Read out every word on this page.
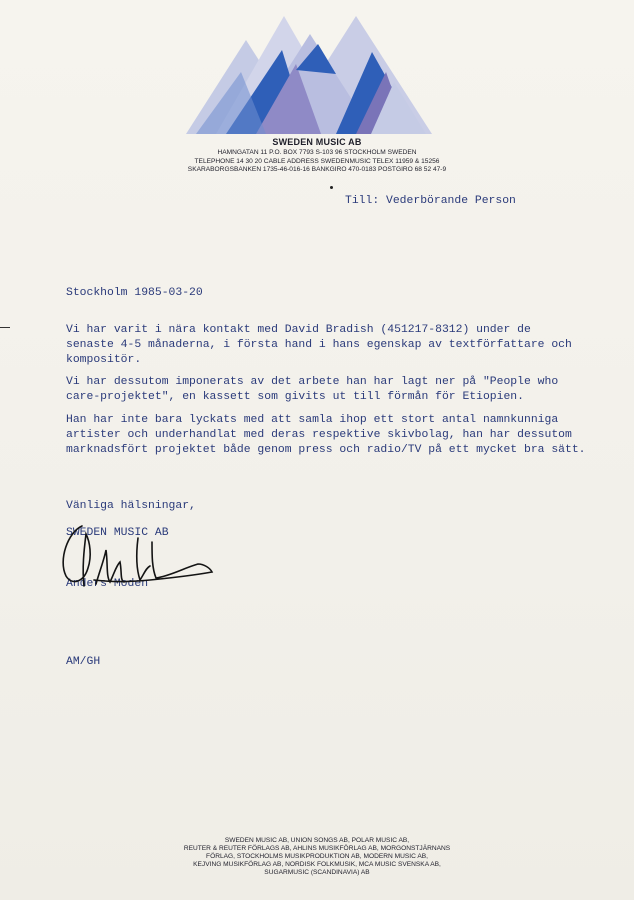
SWEDEN MUSIC AB
HAMNGATAN 11 P.O. BOX 7793 S-103 96 STOCKHOLM SWEDEN
TELEPHONE 14 30 20 CABLE ADDRESS SWEDENMUSIC TELEX 11959 & 15256
SKARABORGSBANKEN 1735-46-016-16 BANKGIRO 470-0183 POSTGIRO 68 52 47-9
Till: Vederbörande Person
Stockholm 1985-03-20
Vi har varit i nära kontakt med David Bradish (451217-8312) under de
senaste 4-5 månaderna, i första hand i hans egenskap av textförfattare och
kompositör.
Vi har dessutom imponerats av det arbete han har lagt ner på "People who
care-projektet", en kassett som givits ut till förmån för Etiopien.
Han har inte bara lyckats med att samla ihop ett stort antal namnkunniga
artister och underhandlat med deras respektive skivbolag, han har dessutom
marknadsfört projektet både genom press och radio/TV på ett mycket bra sätt.
Vänliga hälsningar,
SWEDEN MUSIC AB
Anders Moden
AM/GH
SWEDEN MUSIC AB, UNION SONGS AB, POLAR MUSIC AB,
REUTER & REUTER FÖRLAGS AB, AHLINS MUSIKFÖRLAG AB, MORGONSTJÄRNANS
FÖRLAG, STOCKHOLMS MUSIKPRODUKTION AB, MODERN MUSIC AB,
KEJVING MUSIKFÖRLAG AB, NORDISK FOLKMUSIK, MCA MUSIC SVENSKA AB,
SUGARMUSIC (SCANDINAVIA) AB
